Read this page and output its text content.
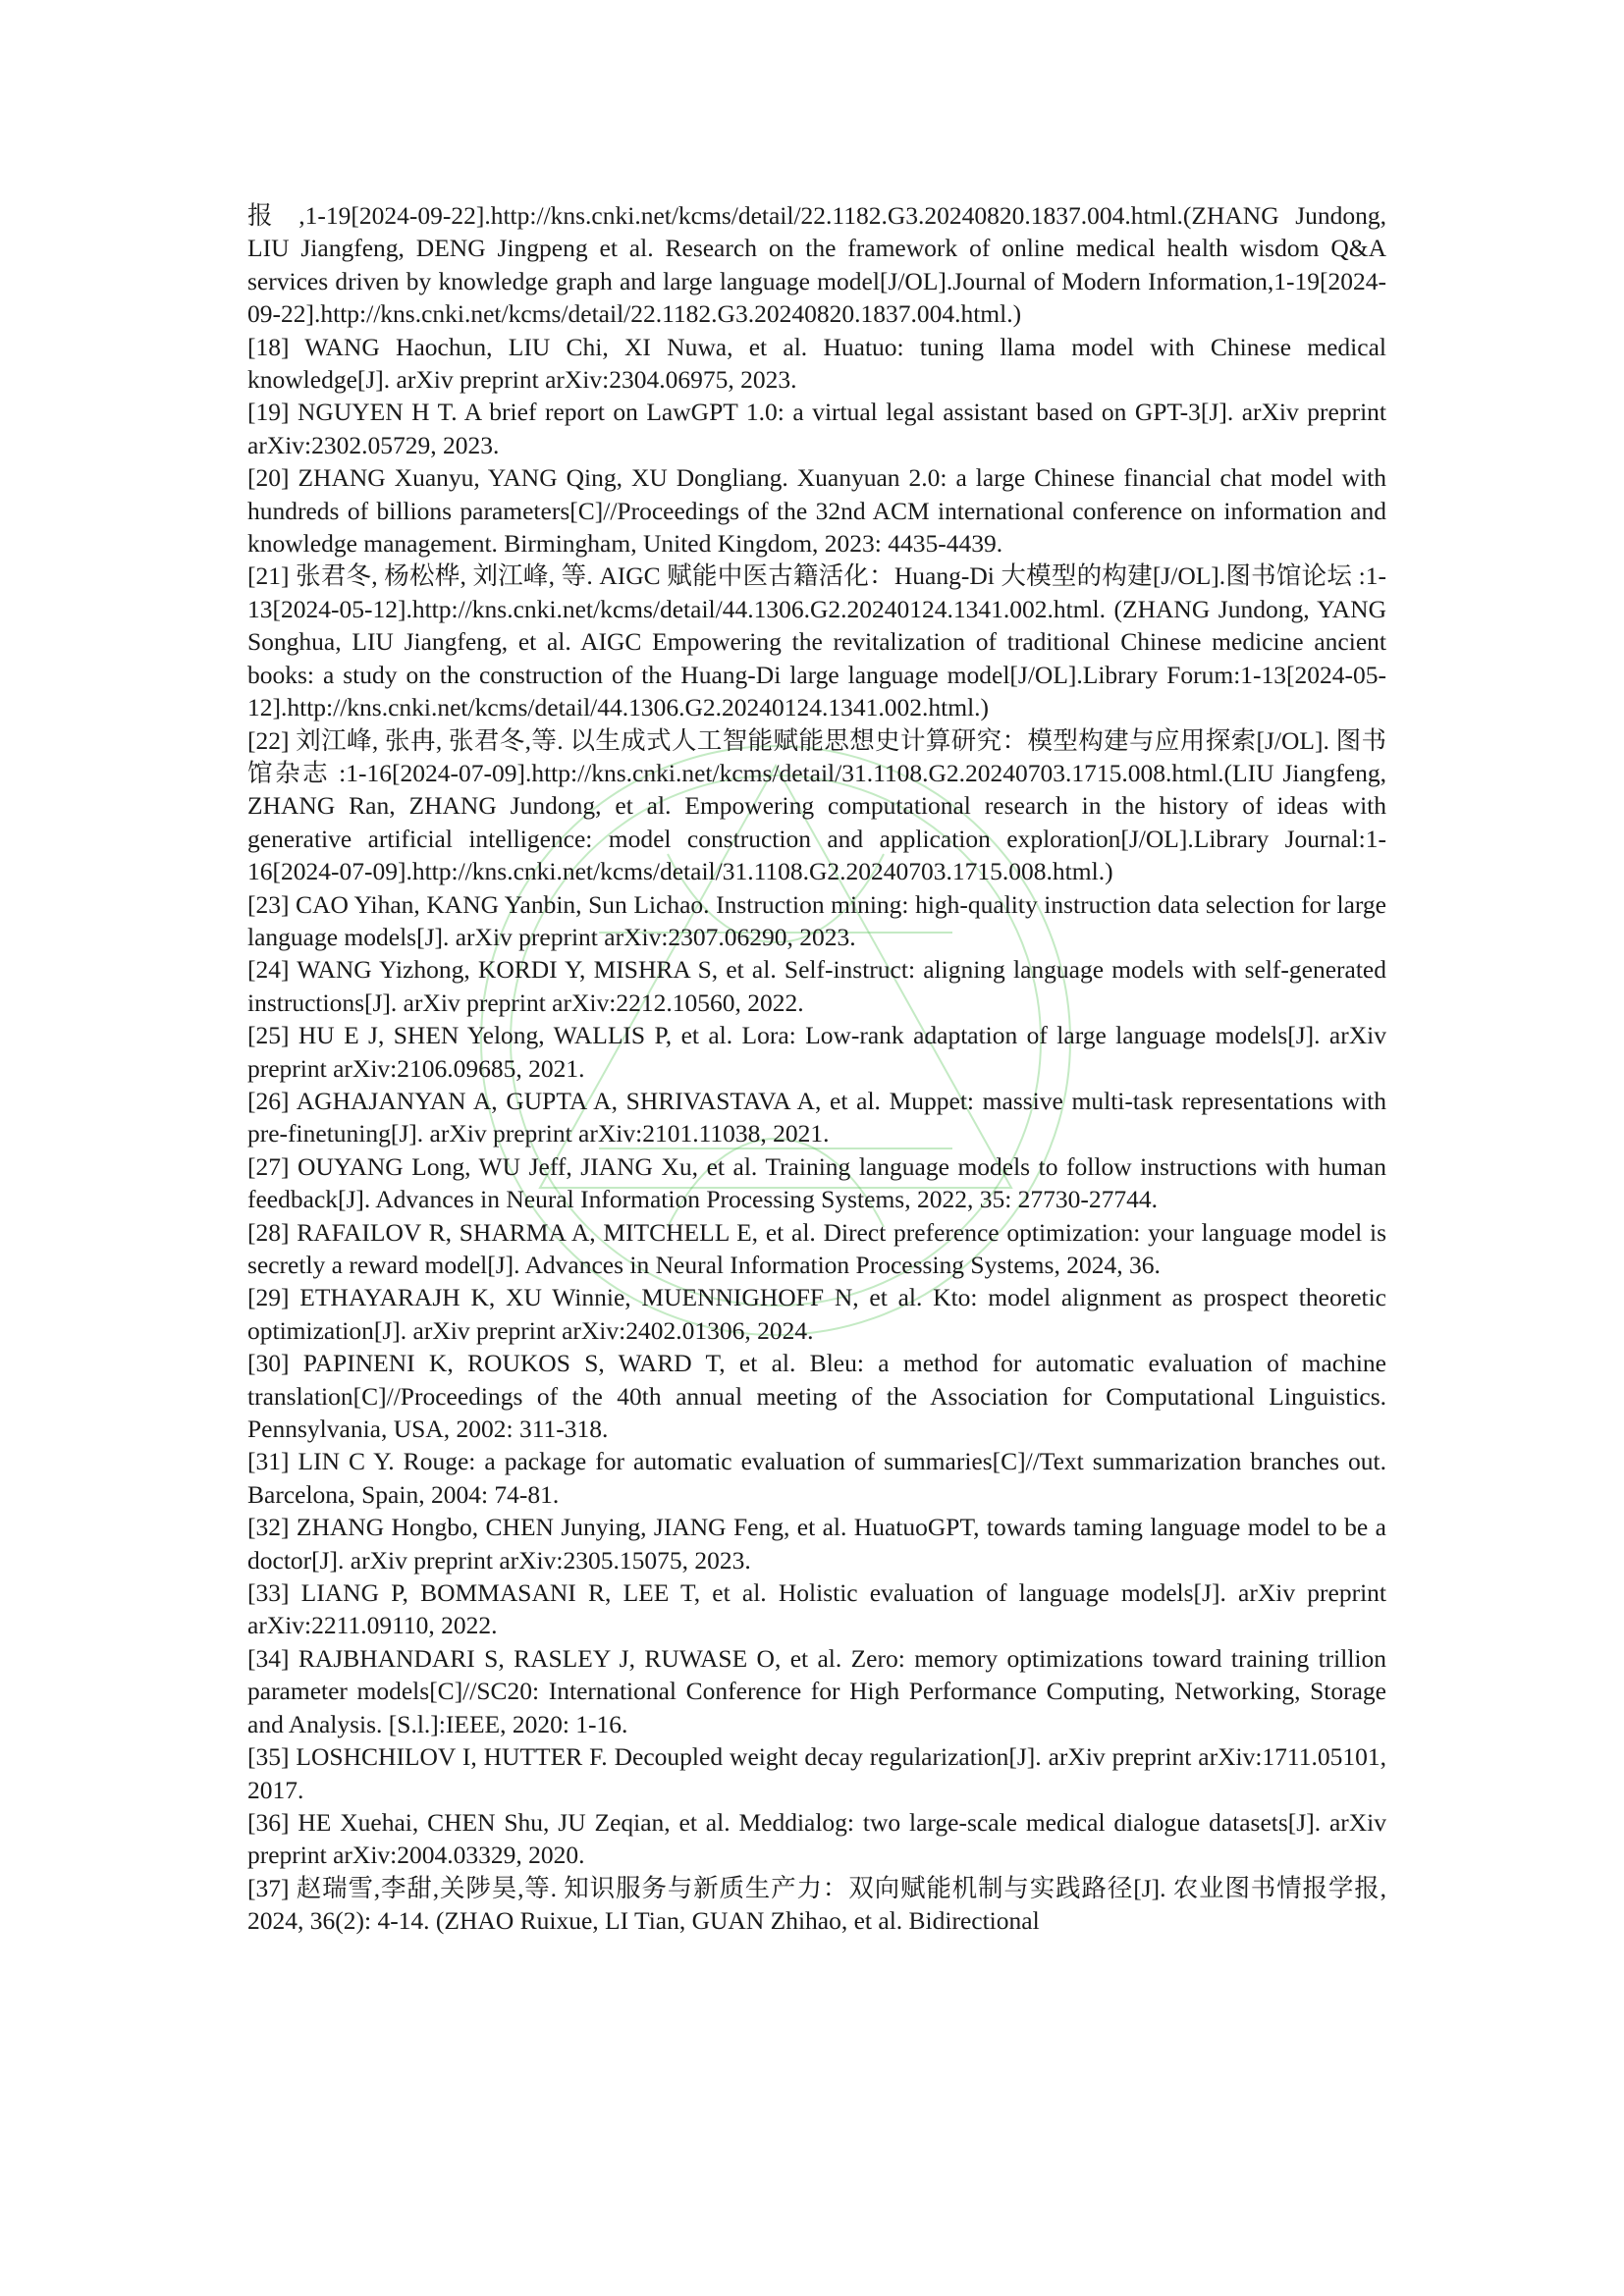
报 ,1-19[2024-09-22].http://kns.cnki.net/kcms/detail/22.1182.G3.20240820.1837.004.html.(ZHANG Jundong, LIU Jiangfeng, DENG Jingpeng et al. Research on the framework of online medical health wisdom Q&A services driven by knowledge graph and large language model[J/OL].Journal of Modern Information,1-19[2024-09-22].http://kns.cnki.net/kcms/detail/22.1182.G3.20240820.1837.004.html.)

[18] WANG Haochun, LIU Chi, XI Nuwa, et al. Huatuo: tuning llama model with Chinese medical knowledge[J]. arXiv preprint arXiv:2304.06975, 2023.

[19] NGUYEN H T. A brief report on LawGPT 1.0: a virtual legal assistant based on GPT-3[J]. arXiv preprint arXiv:2302.05729, 2023.

[20] ZHANG Xuanyu, YANG Qing, XU Dongliang. Xuanyuan 2.0: a large Chinese financial chat model with hundreds of billions parameters[C]//Proceedings of the 32nd ACM international conference on information and knowledge management. Birmingham, United Kingdom, 2023: 4435-4439.

[21] 张君冬, 杨松桦, 刘江峰, 等. AIGC 赋能中医古籍活化：Huang-Di 大模型的构建[J/OL].图书馆论坛 :1-13[2024-05-12].http://kns.cnki.net/kcms/detail/44.1306.G2.20240124.1341.002.html. (ZHANG Jundong, YANG Songhua, LIU Jiangfeng, et al. AIGC Empowering the revitalization of traditional Chinese medicine ancient books: a study on the construction of the Huang-Di large language model[J/OL].Library Forum:1-13[2024-05-12].http://kns.cnki.net/kcms/detail/44.1306.G2.20240124.1341.002.html.)

[22] 刘江峰, 张冉, 张君冬,等. 以生成式人工智能赋能思想史计算研究：模型构建与应用探索[J/OL]. 图书馆杂志 :1-16[2024-07-09].http://kns.cnki.net/kcms/detail/31.1108.G2.20240703.1715.008.html.(LIU Jiangfeng, ZHANG Ran, ZHANG Jundong, et al. Empowering computational research in the history of ideas with generative artificial intelligence: model construction and application exploration[J/OL].Library Journal:1-16[2024-07-09].http://kns.cnki.net/kcms/detail/31.1108.G2.20240703.1715.008.html.)

[23] CAO Yihan, KANG Yanbin, Sun Lichao. Instruction mining: high-quality instruction data selection for large language models[J]. arXiv preprint arXiv:2307.06290, 2023.

[24] WANG Yizhong, KORDI Y, MISHRA S, et al. Self-instruct: aligning language models with self-generated instructions[J]. arXiv preprint arXiv:2212.10560, 2022.

[25] HU E J, SHEN Yelong, WALLIS P, et al. Lora: Low-rank adaptation of large language models[J]. arXiv preprint arXiv:2106.09685, 2021.

[26] AGHAJANYAN A, GUPTA A, SHRIVASTAVA A, et al. Muppet: massive multi-task representations with pre-finetuning[J]. arXiv preprint arXiv:2101.11038, 2021.

[27] OUYANG Long, WU Jeff, JIANG Xu, et al. Training language models to follow instructions with human feedback[J]. Advances in Neural Information Processing Systems, 2022, 35: 27730-27744.

[28] RAFAILOV R, SHARMA A, MITCHELL E, et al. Direct preference optimization: your language model is secretly a reward model[J]. Advances in Neural Information Processing Systems, 2024, 36.

[29] ETHAYARAJH K, XU Winnie, MUENNIGHOFF N, et al. Kto: model alignment as prospect theoretic optimization[J]. arXiv preprint arXiv:2402.01306, 2024.

[30] PAPINENI K, ROUKOS S, WARD T, et al. Bleu: a method for automatic evaluation of machine translation[C]//Proceedings of the 40th annual meeting of the Association for Computational Linguistics. Pennsylvania, USA, 2002: 311-318.

[31] LIN C Y. Rouge: a package for automatic evaluation of summaries[C]//Text summarization branches out. Barcelona, Spain, 2004: 74-81.

[32] ZHANG Hongbo, CHEN Junying, JIANG Feng, et al. HuatuoGPT, towards taming language model to be a doctor[J]. arXiv preprint arXiv:2305.15075, 2023.

[33] LIANG P, BOMMASANI R, LEE T, et al. Holistic evaluation of language models[J]. arXiv preprint arXiv:2211.09110, 2022.

[34] RAJBHANDARI S, RASLEY J, RUWASE O, et al. Zero: memory optimizations toward training trillion parameter models[C]//SC20: International Conference for High Performance Computing, Networking, Storage and Analysis. [S.l.]:IEEE, 2020: 1-16.

[35] LOSHCHILOV I, HUTTER F. Decoupled weight decay regularization[J]. arXiv preprint arXiv:1711.05101, 2017.

[36] HE Xuehai, CHEN Shu, JU Zeqian, et al. Meddialog: two large-scale medical dialogue datasets[J]. arXiv preprint arXiv:2004.03329, 2020.

[37] 赵瑞雪,李甜,关陟昊,等. 知识服务与新质生产力：双向赋能机制与实践路径[J]. 农业图书情报学报, 2024, 36(2): 4-14. (ZHAO Ruixue, LI Tian, GUAN Zhihao, et al. Bidirectional
